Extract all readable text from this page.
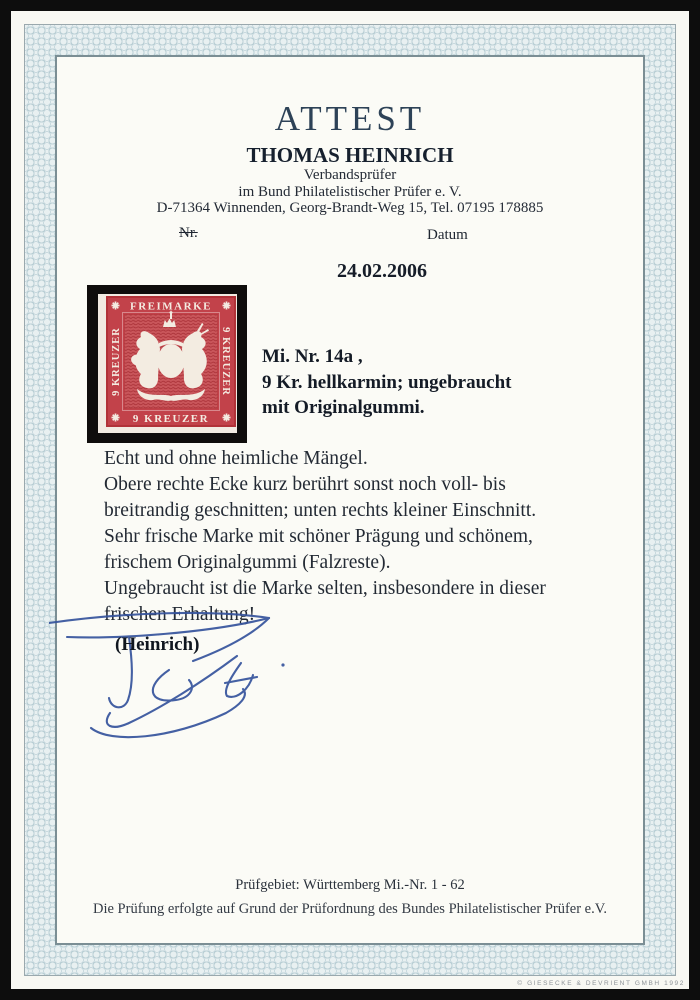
ATTEST
THOMAS HEINRICH
Verbandsprüfer
im Bund Philatelistischer Prüfer e. V.
D-71364 Winnenden, Georg-Brandt-Weg 15, Tel. 07195 178885
Nr.	Datum
24.02.2006
FREIMARKE
9 KREUZER
9 KREUZER	9 KREUZER Mi. Nr. 14a ,
9 Kr. hellkarmin; ungebraucht
mit Originalgummi.
Echt und ohne heimliche Mängel.
Obere rechte Ecke kurz berührt sonst noch voll- bis
breitrandig geschnitten; unten rechts kleiner Einschnitt.
Sehr frische Marke mit schöner Prägung und schönem,
frischem Originalgummi (Falzreste).
Ungebraucht ist die Marke selten, insbesondere in dieser
frischen Erhaltung!
(Heinrich)
Prüfgebiet: Württemberg Mi.-Nr. 1 - 62
Die Prüfung erfolgte auf Grund der Prüfordnung des Bundes Philatelistischer Prüfer e.V.
© GIESECKE & DEVRIENT GMBH 1992
